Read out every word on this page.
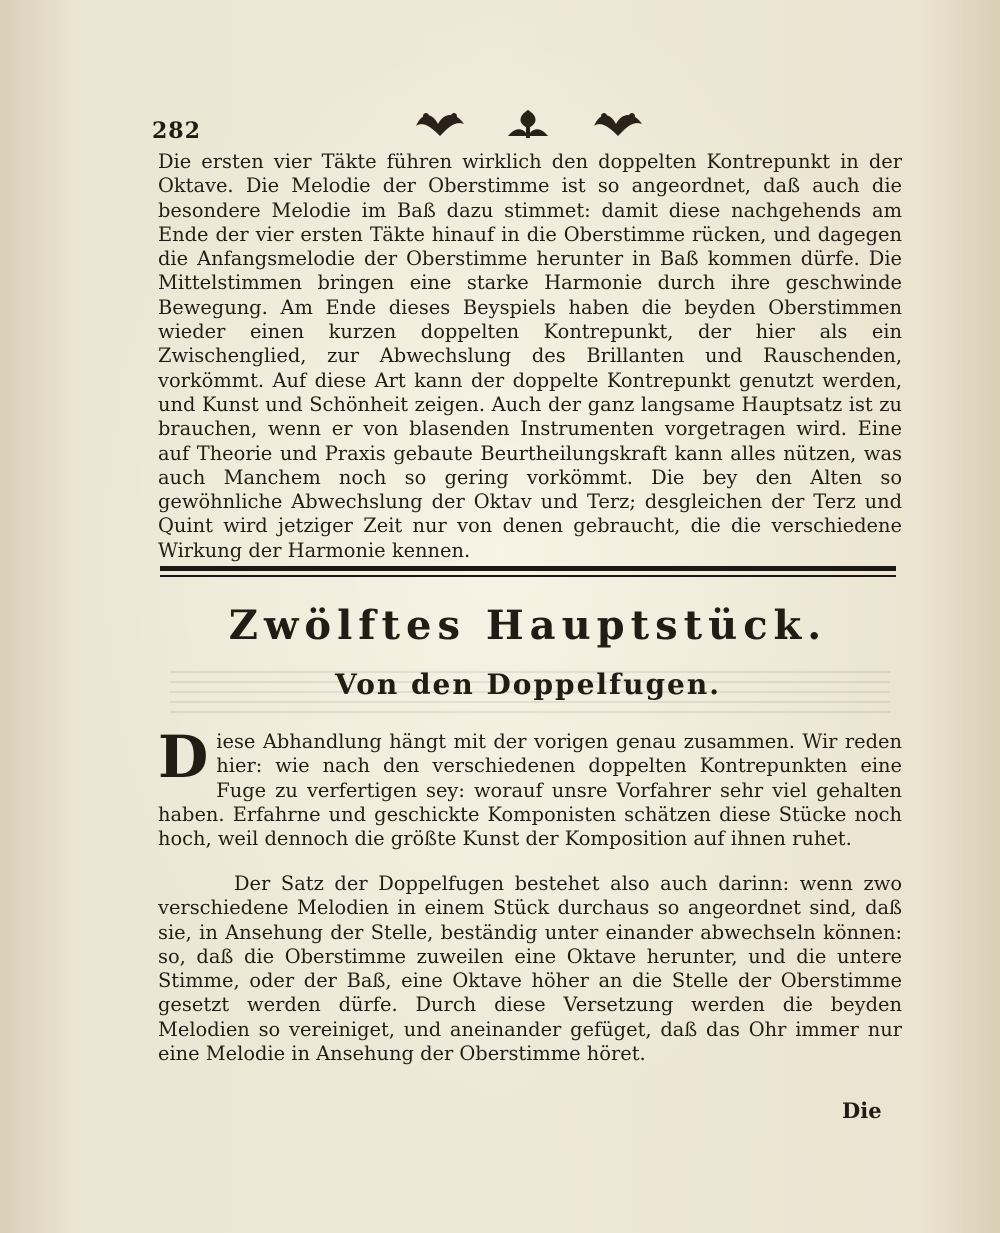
282

Die ersten vier Täkte führen wirklich den doppelten Kontrepunkt in der Oktave. Die Melodie der Oberstimme ist so angeordnet, daß auch die besondere Melodie im Baß dazu stimmet: damit diese nachgehends am Ende der vier ersten Täkte hinauf in die Oberstimme rücken, und dagegen die Anfangsmelodie der Oberstimme herunter in Baß kommen dürfe. Die Mittelstimmen bringen eine starke Harmonie durch ihre geschwinde Bewegung. Am Ende dieses Beyspiels haben die beyden Oberstimmen wieder einen kurzen doppelten Kontrepunkt, der hier als ein Zwischenglied, zur Abwechslung des Brillanten und Rauschenden, vorkömmt. Auf diese Art kann der doppelte Kontrepunkt genutzt werden, und Kunst und Schönheit zeigen. Auch der ganz langsame Hauptsatz ist zu brauchen, wenn er von blasenden Instrumenten vorgetragen wird. Eine auf Theorie und Praxis gebaute Beurtheilungskraft kann alles nützen, was auch Manchem noch so gering vorkömmt. Die bey den Alten so gewöhnliche Abwechslung der Oktav und Terz; desgleichen der Terz und Quint wird jetziger Zeit nur von denen gebraucht, die die verschiedene Wirkung der Harmonie kennen.

Zwölftes Hauptstück.
Von den Doppelfugen.

Diese Abhandlung hängt mit der vorigen genau zusammen. Wir reden hier: wie nach den verschiedenen doppelten Kontrepunkten eine Fuge zu verfertigen sey: worauf unsre Vorfahrer sehr viel gehalten haben. Erfahrne und geschickte Komponisten schätzen diese Stücke noch hoch, weil dennoch die größte Kunst der Komposition auf ihnen ruhet.

Der Satz der Doppelfugen bestehet also auch darinn: wenn zwo verschiedene Melodien in einem Stück durchaus so angeordnet sind, daß sie, in Ansehung der Stelle, beständig unter einander abwechseln können: so, daß die Oberstimme zuweilen eine Oktave herunter, und die untere Stimme, oder der Baß, eine Oktave höher an die Stelle der Oberstimme gesetzt werden dürfe. Durch diese Versetzung werden die beyden Melodien so vereiniget, und aneinander gefüget, daß das Ohr immer nur eine Melodie in Ansehung der Oberstimme höret.

Die
